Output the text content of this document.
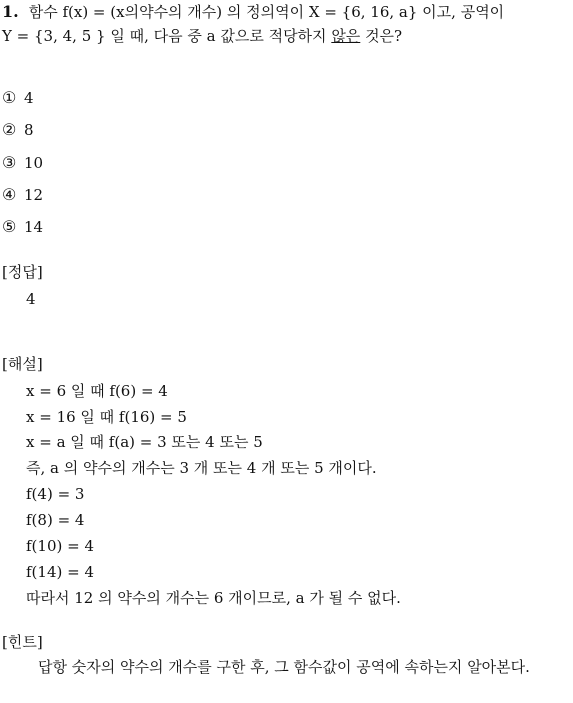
1. 함수 f(x) = (x의약수의 개수) 의 정의역이 X = {6, 16, a} 이고, 공역이
Y = {3, 4, 5 } 일 때, 다음 중 a 값으로 적당하지 않은 것은?
① 4
② 8
③ 10
④ 12
⑤ 14
[정답]
4
[해설]
x = 6 일 때 f(6) = 4
x = 16 일 때 f(16) = 5
x = a 일 때 f(a) = 3 또는 4 또는 5
즉, a 의 약수의 개수는 3 개 또는 4 개 또는 5 개이다.
f(4) = 3
f(8) = 4
f(10) = 4
f(14) = 4
따라서 12 의 약수의 개수는 6 개이므로, a 가 될 수 없다.
[힌트]
답항 숫자의 약수의 개수를 구한 후, 그 함수값이 공역에 속하는지 알아본다.
